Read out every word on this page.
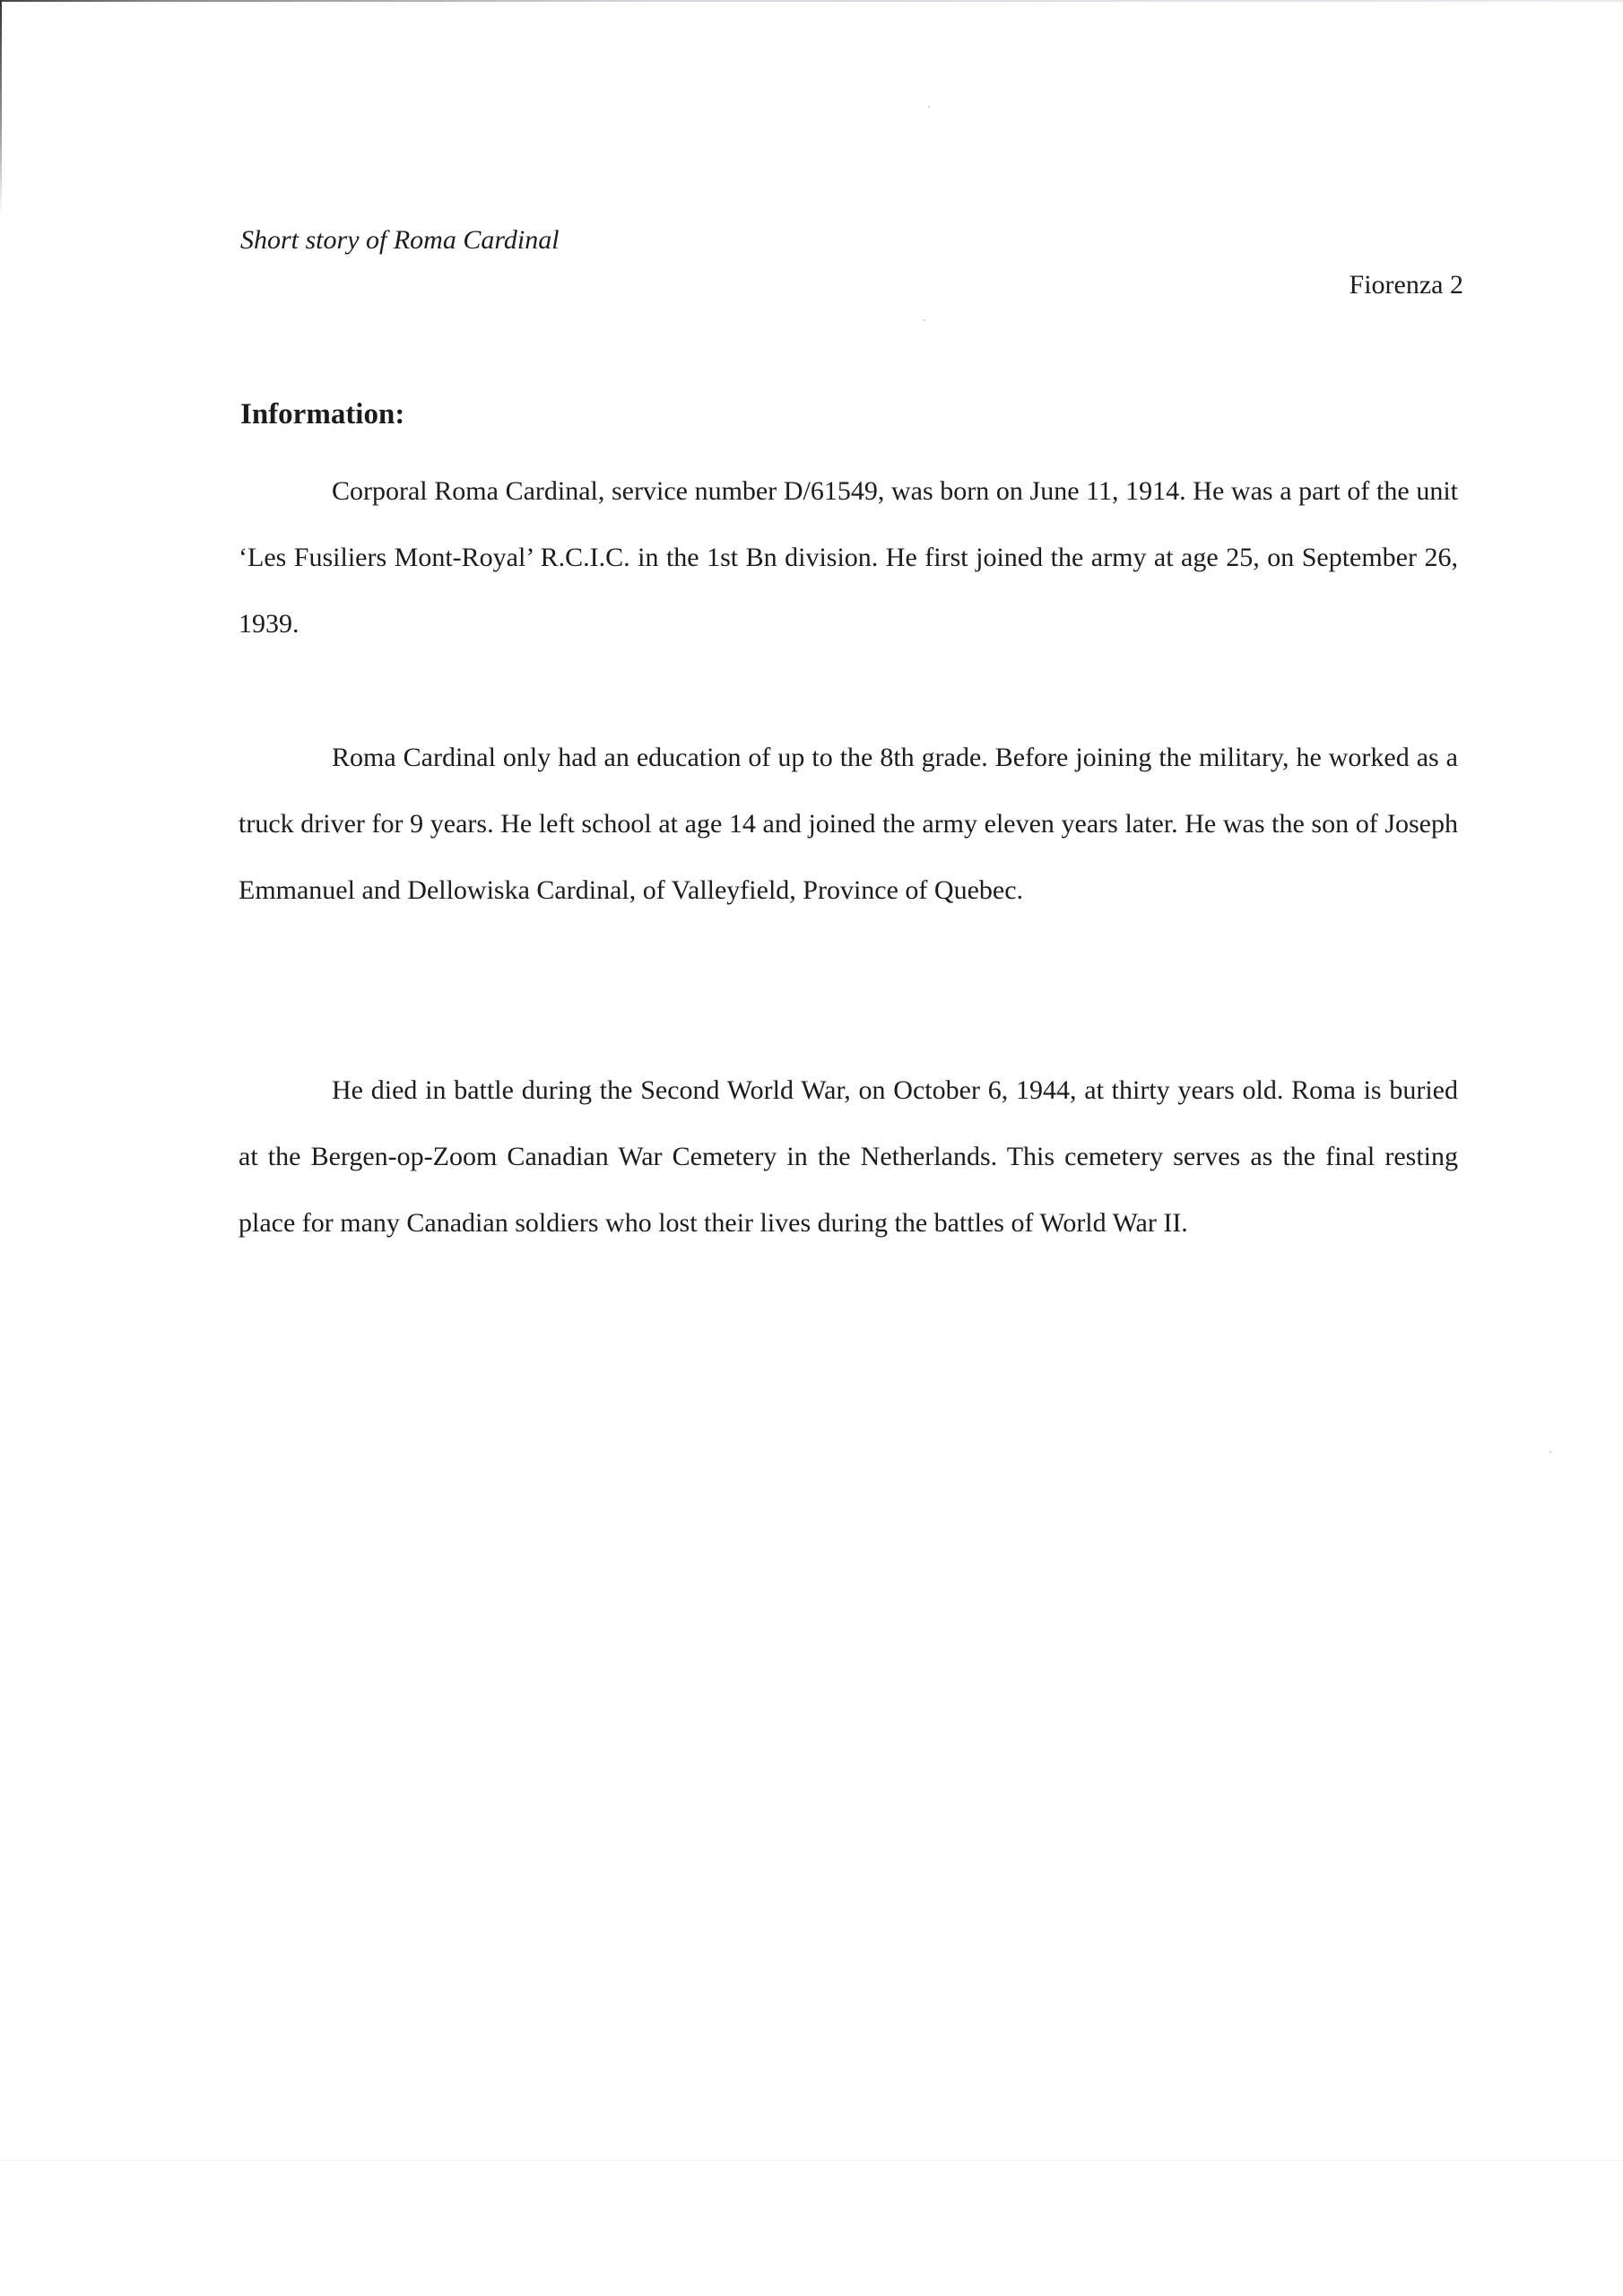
Short story of Roma Cardinal
Fiorenza 2
Information:

Corporal Roma Cardinal, service number D/61549, was born on June 11, 1914. He was a part of the unit ‘Les Fusiliers Mont-Royal’ R.C.I.C. in the 1st Bn division. He first joined the army at age 25, on September 26, 1939.

Roma Cardinal only had an education of up to the 8th grade. Before joining the military, he worked as a truck driver for 9 years. He left school at age 14 and joined the army eleven years later. He was the son of Joseph Emmanuel and Dellowiska Cardinal, of Valleyfield, Province of Quebec.

He died in battle during the Second World War, on October 6, 1944, at thirty years old. Roma is buried at the Bergen-op-Zoom Canadian War Cemetery in the Netherlands. This cemetery serves as the final resting place for many Canadian soldiers who lost their lives during the battles of World War II.
